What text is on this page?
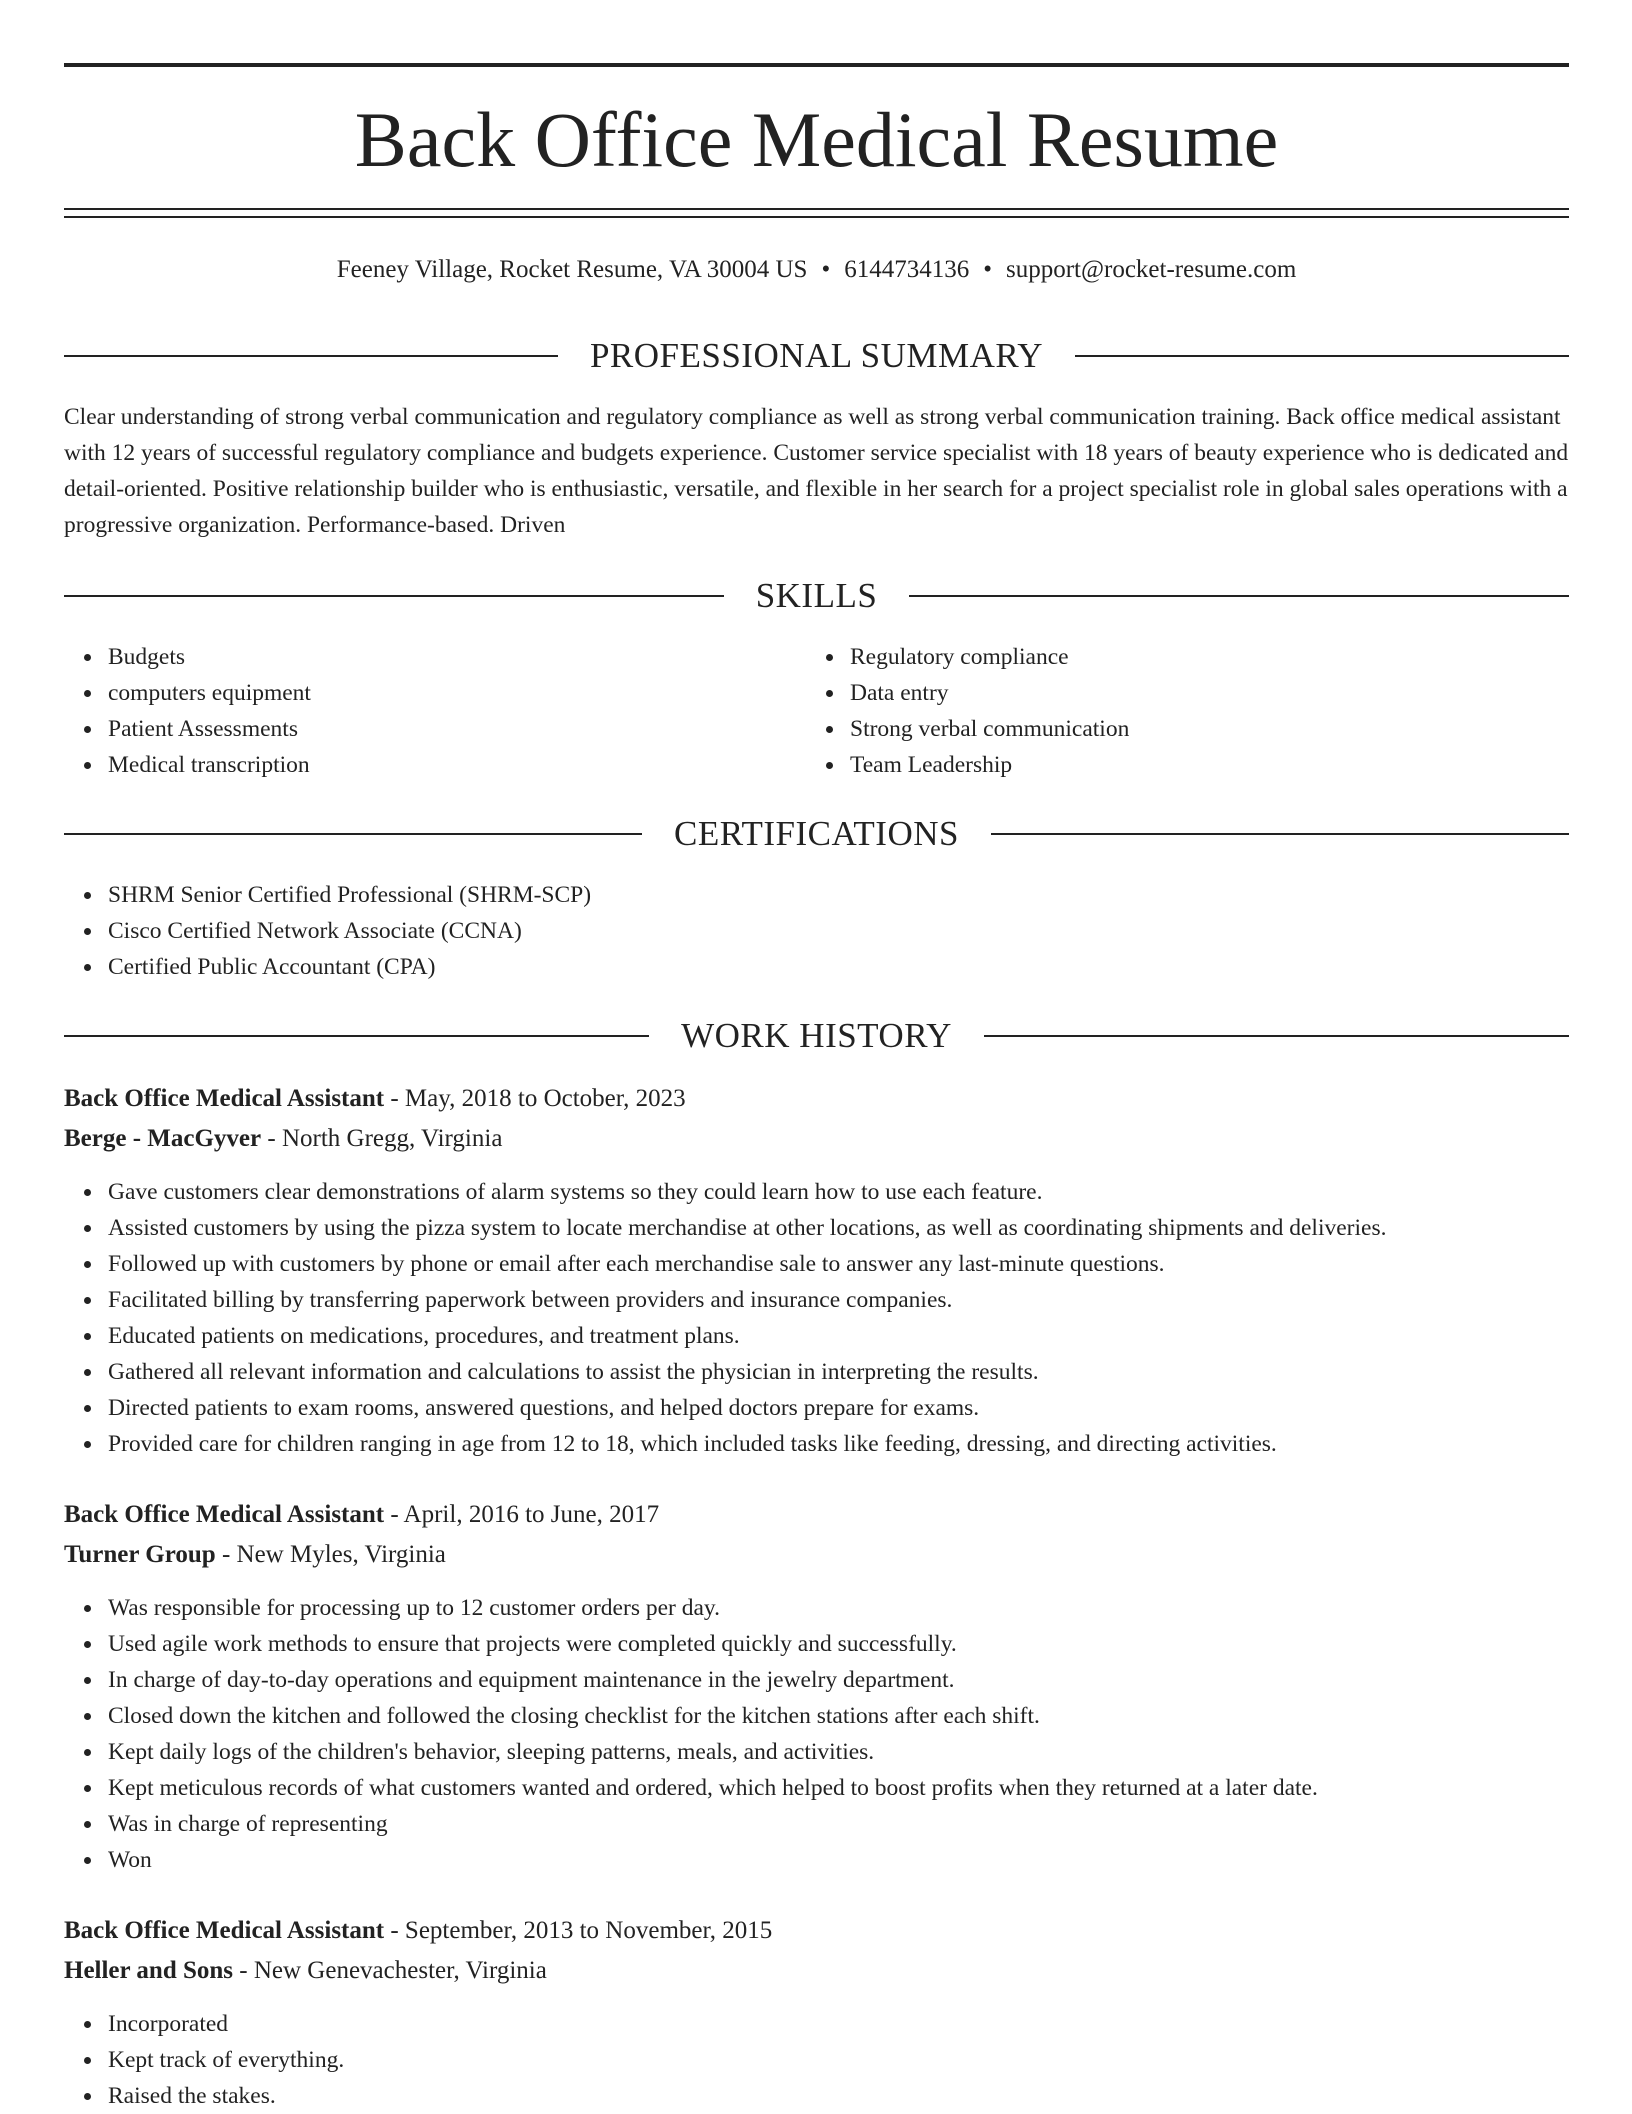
Back Office Medical Resume
Feeney Village, Rocket Resume, VA 30004 US • 6144734136 • support@rocket-resume.com
PROFESSIONAL SUMMARY

Clear understanding of strong verbal communication and regulatory compliance as well as strong verbal communication training. Back office medical assistant with 12 years of successful regulatory compliance and budgets experience. Customer service specialist with 18 years of beauty experience who is dedicated and detail-oriented. Positive relationship builder who is enthusiastic, versatile, and flexible in her search for a project specialist role in global sales operations with a progressive organization. Performance-based. Driven

SKILLS
Budgets
computers equipment
Patient Assessments
Medical transcription
Regulatory compliance
Data entry
Strong verbal communication
Team Leadership
CERTIFICATIONS
SHRM Senior Certified Professional (SHRM-SCP)
Cisco Certified Network Associate (CCNA)
Certified Public Accountant (CPA)
WORK HISTORY
Back Office Medical Assistant - May, 2018 to October, 2023
Berge - MacGyver - North Gregg, Virginia
Gave customers clear demonstrations of alarm systems so they could learn how to use each feature.
Assisted customers by using the pizza system to locate merchandise at other locations, as well as coordinating shipments and deliveries.
Followed up with customers by phone or email after each merchandise sale to answer any last-minute questions.
Facilitated billing by transferring paperwork between providers and insurance companies.
Educated patients on medications, procedures, and treatment plans.
Gathered all relevant information and calculations to assist the physician in interpreting the results.
Directed patients to exam rooms, answered questions, and helped doctors prepare for exams.
Provided care for children ranging in age from 12 to 18, which included tasks like feeding, dressing, and directing activities.
Back Office Medical Assistant - April, 2016 to June, 2017
Turner Group - New Myles, Virginia
Was responsible for processing up to 12 customer orders per day.
Used agile work methods to ensure that projects were completed quickly and successfully.
In charge of day-to-day operations and equipment maintenance in the jewelry department.
Closed down the kitchen and followed the closing checklist for the kitchen stations after each shift.
Kept daily logs of the children's behavior, sleeping patterns, meals, and activities.
Kept meticulous records of what customers wanted and ordered, which helped to boost profits when they returned at a later date.
Was in charge of representing
Won
Back Office Medical Assistant - September, 2013 to November, 2015
Heller and Sons - New Genevachester, Virginia
Incorporated
Kept track of everything.
Raised the stakes.
